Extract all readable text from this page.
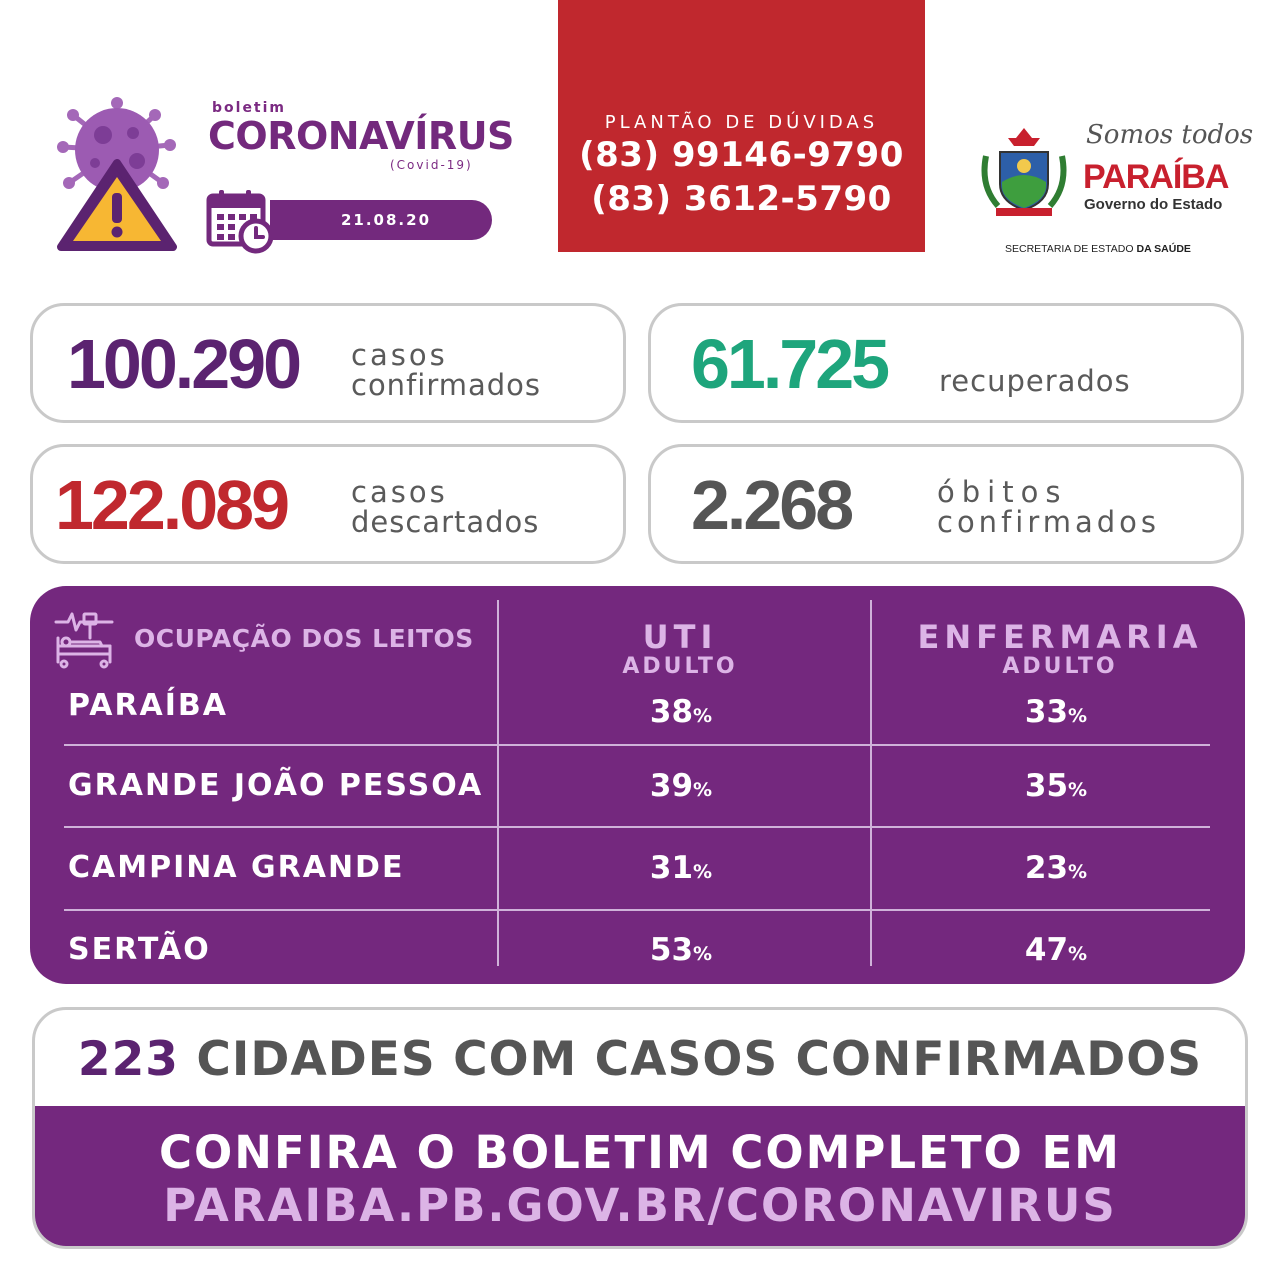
boletim
CORONAVÍRUS
(Covid-19)
21.08.20
PLANTÃO DE DÚVIDAS
(83) 99146-9790
(83) 3612-5790
Somos todos
PARAÍBA
Governo do Estado
SECRETARIA DE ESTADO DA SAÚDE
100.290 casos
confirmados 61.725 recuperados
122.089 casos
descartados 2.268	óbitos
confirmados
OCUPAÇÃO DOS LEITOS	UTI
ADULTO
ENFERMARIA
ADULTO
PARAÍBA	38%	33%
GRANDE JOÃO PESSOA	39%	35%
CAMPINA GRANDE	31%	23%
SERTÃO	53%	47%
223 CIDADES COM CASOS CONFIRMADOS
CONFIRA O BOLETIM COMPLETO EM
PARAIBA.PB.GOV.BR/CORONAVIRUS
